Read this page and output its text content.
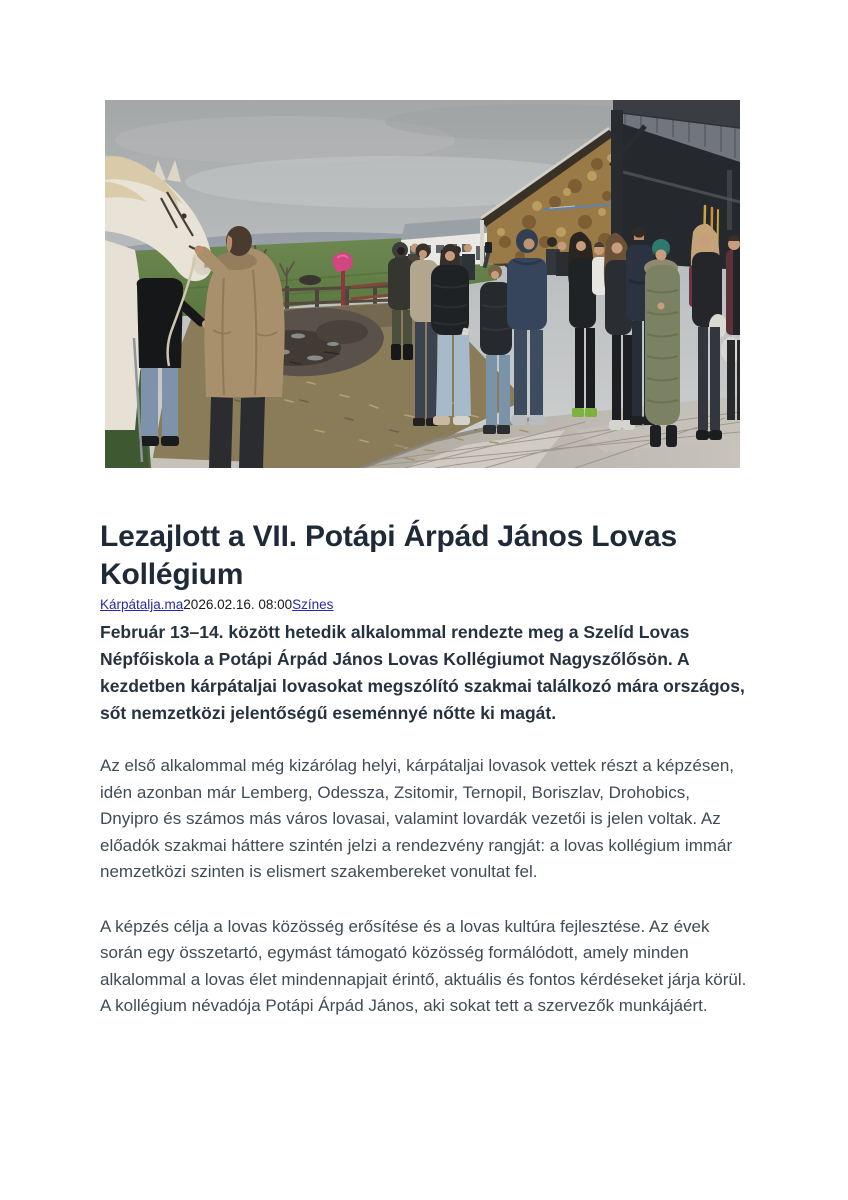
Lezajlott a VII. Potápi Árpád János Lovas Kollégium
Kárpátalja.ma2026.02.16. 08:00Színes

Február 13–14. között hetedik alkalommal rendezte meg a Szelíd Lovas Népfőiskola a Potápi Árpád János Lovas Kollégiumot Nagyszőlősön. A kezdetben kárpátaljai lovasokat megszólító szakmai találkozó mára országos, sőt nemzetközi jelentőségű eseménnyé nőtte ki magát.

Az első alkalommal még kizárólag helyi, kárpátaljai lovasok vettek részt a képzésen, idén azonban már Lemberg, Odessza, Zsitomir, Ternopil, Boriszlav, Drohobics, Dnyipro és számos más város lovasai, valamint lovardák vezetői is jelen voltak. Az előadók szakmai háttere szintén jelzi a rendezvény rangját: a lovas kollégium immár nemzetközi szinten is elismert szakembereket vonultat fel.

A képzés célja a lovas közösség erősítése és a lovas kultúra fejlesztése. Az évek során egy összetartó, egymást támogató közösség formálódott, amely minden alkalommal a lovas élet mindennapjait érintő, aktuális és fontos kérdéseket járja körül. A kollégium névadója Potápi Árpád János, aki sokat tett a szervezők munkájáért.
